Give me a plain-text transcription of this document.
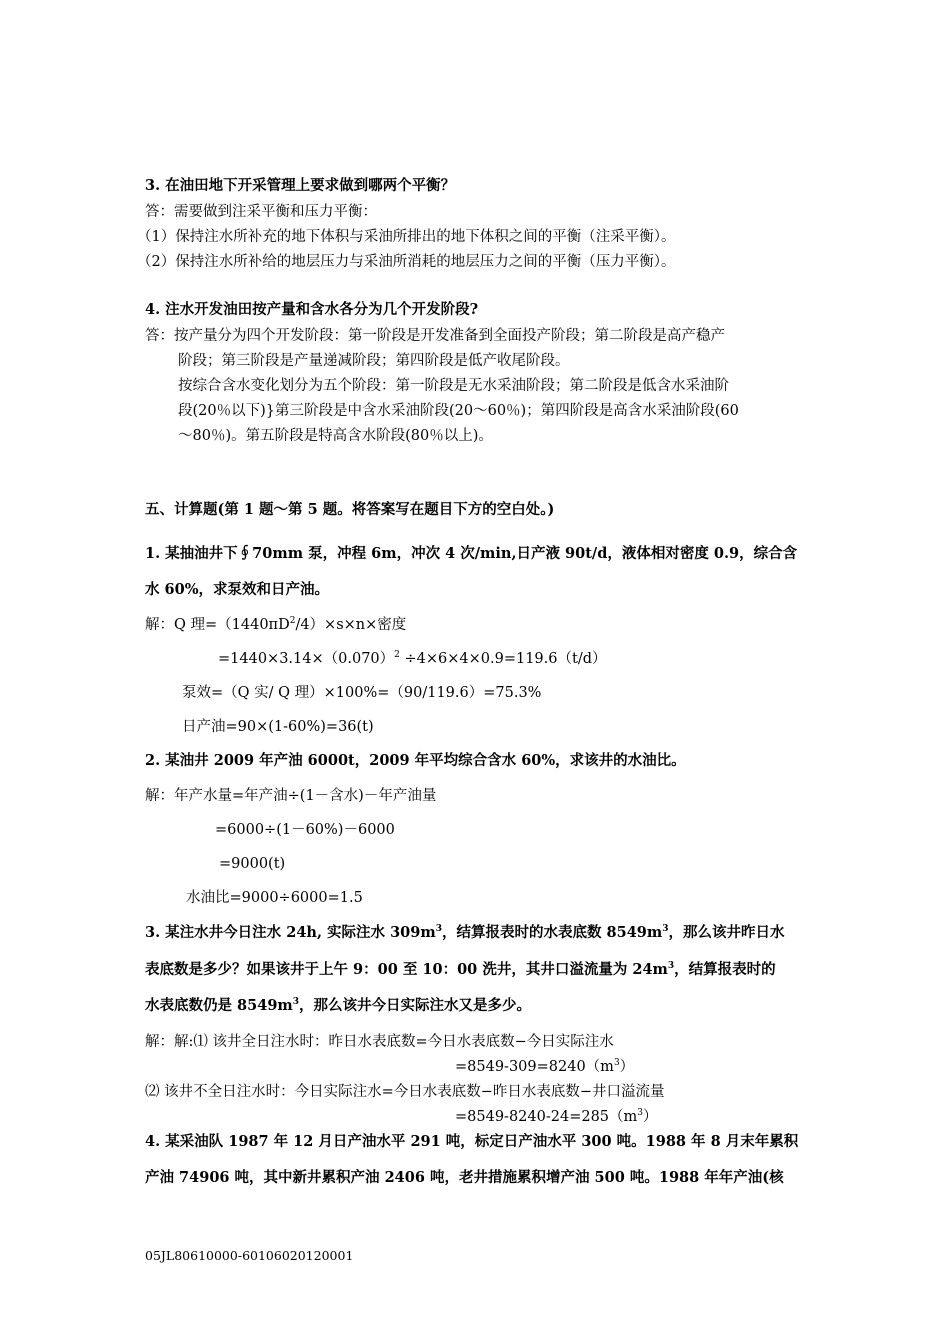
3. 在油田地下开采管理上要求做到哪两个平衡？
答：需要做到注采平衡和压力平衡：
（1）保持注水所补充的地下体积与采油所排出的地下体积之间的平衡（注采平衡）。
（2）保持注水所补给的地层压力与采油所消耗的地层压力之间的平衡（压力平衡）。
4. 注水开发油田按产量和含水各分为几个开发阶段?
答：按产量分为四个开发阶段：第一阶段是开发准备到全面投产阶段；第二阶段是高产稳产
阶段；第三阶段是产量递减阶段；第四阶段是低产收尾阶段。
按综合含水变化划分为五个阶段：第一阶段是无水采油阶段；第二阶段是低含水采油阶
段(20％以下)}第三阶段是中含水采油阶段(20～60％)；第四阶段是高含水采油阶段(60
～80％)。第五阶段是特高含水阶段(80％以上)。
五、计算题(第 1 题～第 5 题。将答案写在题目下方的空白处。)
1. 某抽油井下∮70mm 泵，冲程 6m，冲次 4 次/min,日产液 90t/d，液体相对密度 0.9，综合含
水 60%，求泵效和日产油。
解：Q 理$=(1440\pi D^2/4)\times s\times n\times$密度
$=1440\times 3.14\times(0.070)^2 \div 4\times 6\times 4\times 0.9=119.6(t/d)$
泵效=（Q 实/ Q 理）×100%=（90/119.6）=75.3%
日产油=90×(1-60%)=36(t)
2. 某油井 2009 年产油 6000t，2009 年平均综合含水 60%，求该井的水油比。
解：年产水量=年产油÷(1－含水)－年产油量
=6000÷(1－60%)－6000
=9000(t)
水油比=9000÷6000=1.5
3. 某注水井今日注水 24h, 实际注水 $309m^3$，结算报表时的水表底数 $8549m^3$，那么该井昨日水
表底数是多少？如果该井于上午 9：00 至 10：00 洗井，其井口溢流量为 $24m^3$，结算报表时的
水表底数仍是 $8549m^3$，那么该井今日实际注水又是多少。
解：解:⑴ 该井全日注水时：昨日水表底数=今日水表底数−今日实际注水
$=8549-309=8240(m^3)$
⑵ 该井不全日注水时：今日实际注水=今日水表底数−昨日水表底数−井口溢流量
$=8549-8240-24=285(m^3)$
4. 某采油队 1987 年 12 月日产油水平 291 吨，标定日产油水平 300 吨。1988 年 8 月末年累积
产油 74906 吨，其中新井累积产油 2406 吨，老井措施累积增产油 500 吨。1988 年年产油(核
05JL80610000-60106020120001
